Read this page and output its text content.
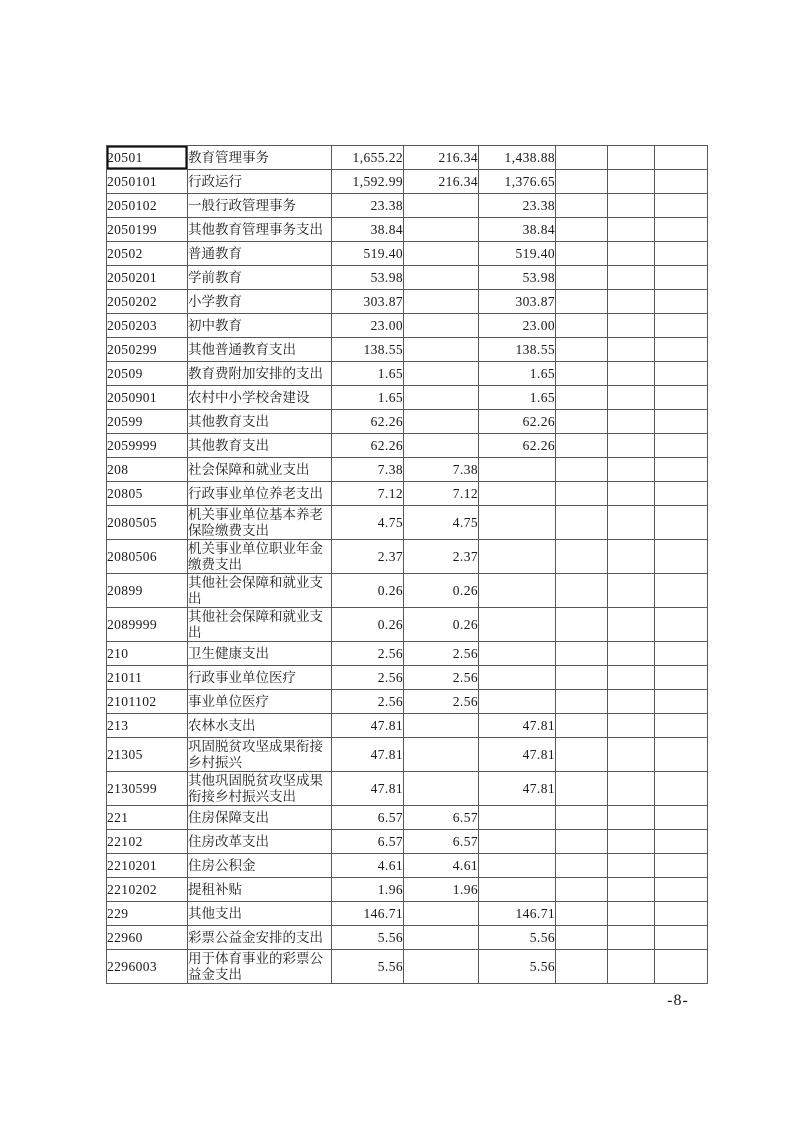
20501	教育管理事务	1,655.22	216.34	1,438.88			
2050101	行政运行	1,592.99	216.34	1,376.65			
2050102	一般行政管理事务	23.38		23.38			
2050199	其他教育管理事务支出	38.84		38.84			
20502	普通教育	519.40		519.40			
2050201	学前教育	53.98		53.98			
2050202	小学教育	303.87		303.87			
2050203	初中教育	23.00		23.00			
2050299	其他普通教育支出	138.55		138.55			
20509	教育费附加安排的支出	1.65		1.65			
2050901	农村中小学校舍建设	1.65		1.65			
20599	其他教育支出	62.26		62.26			
2059999	其他教育支出	62.26		62.26			
208	社会保障和就业支出	7.38	7.38				
20805	行政事业单位养老支出	7.12	7.12				
2080505	机关事业单位基本养老保险缴费支出	4.75	4.75				
2080506	机关事业单位职业年金缴费支出	2.37	2.37				
20899	其他社会保障和就业支出	0.26	0.26				
2089999	其他社会保障和就业支出	0.26	0.26				
210	卫生健康支出	2.56	2.56				
21011	行政事业单位医疗	2.56	2.56				
2101102	事业单位医疗	2.56	2.56				
213	农林水支出	47.81		47.81			
21305	巩固脱贫攻坚成果衔接乡村振兴	47.81		47.81			
2130599	其他巩固脱贫攻坚成果衔接乡村振兴支出	47.81		47.81			
221	住房保障支出	6.57	6.57				
22102	住房改革支出	6.57	6.57				
2210201	住房公积金	4.61	4.61				
2210202	提租补贴	1.96	1.96				
229	其他支出	146.71		146.71			
22960	彩票公益金安排的支出	5.56		5.56			
2296003	用于体育事业的彩票公益金支出	5.56		5.56			
-8-
